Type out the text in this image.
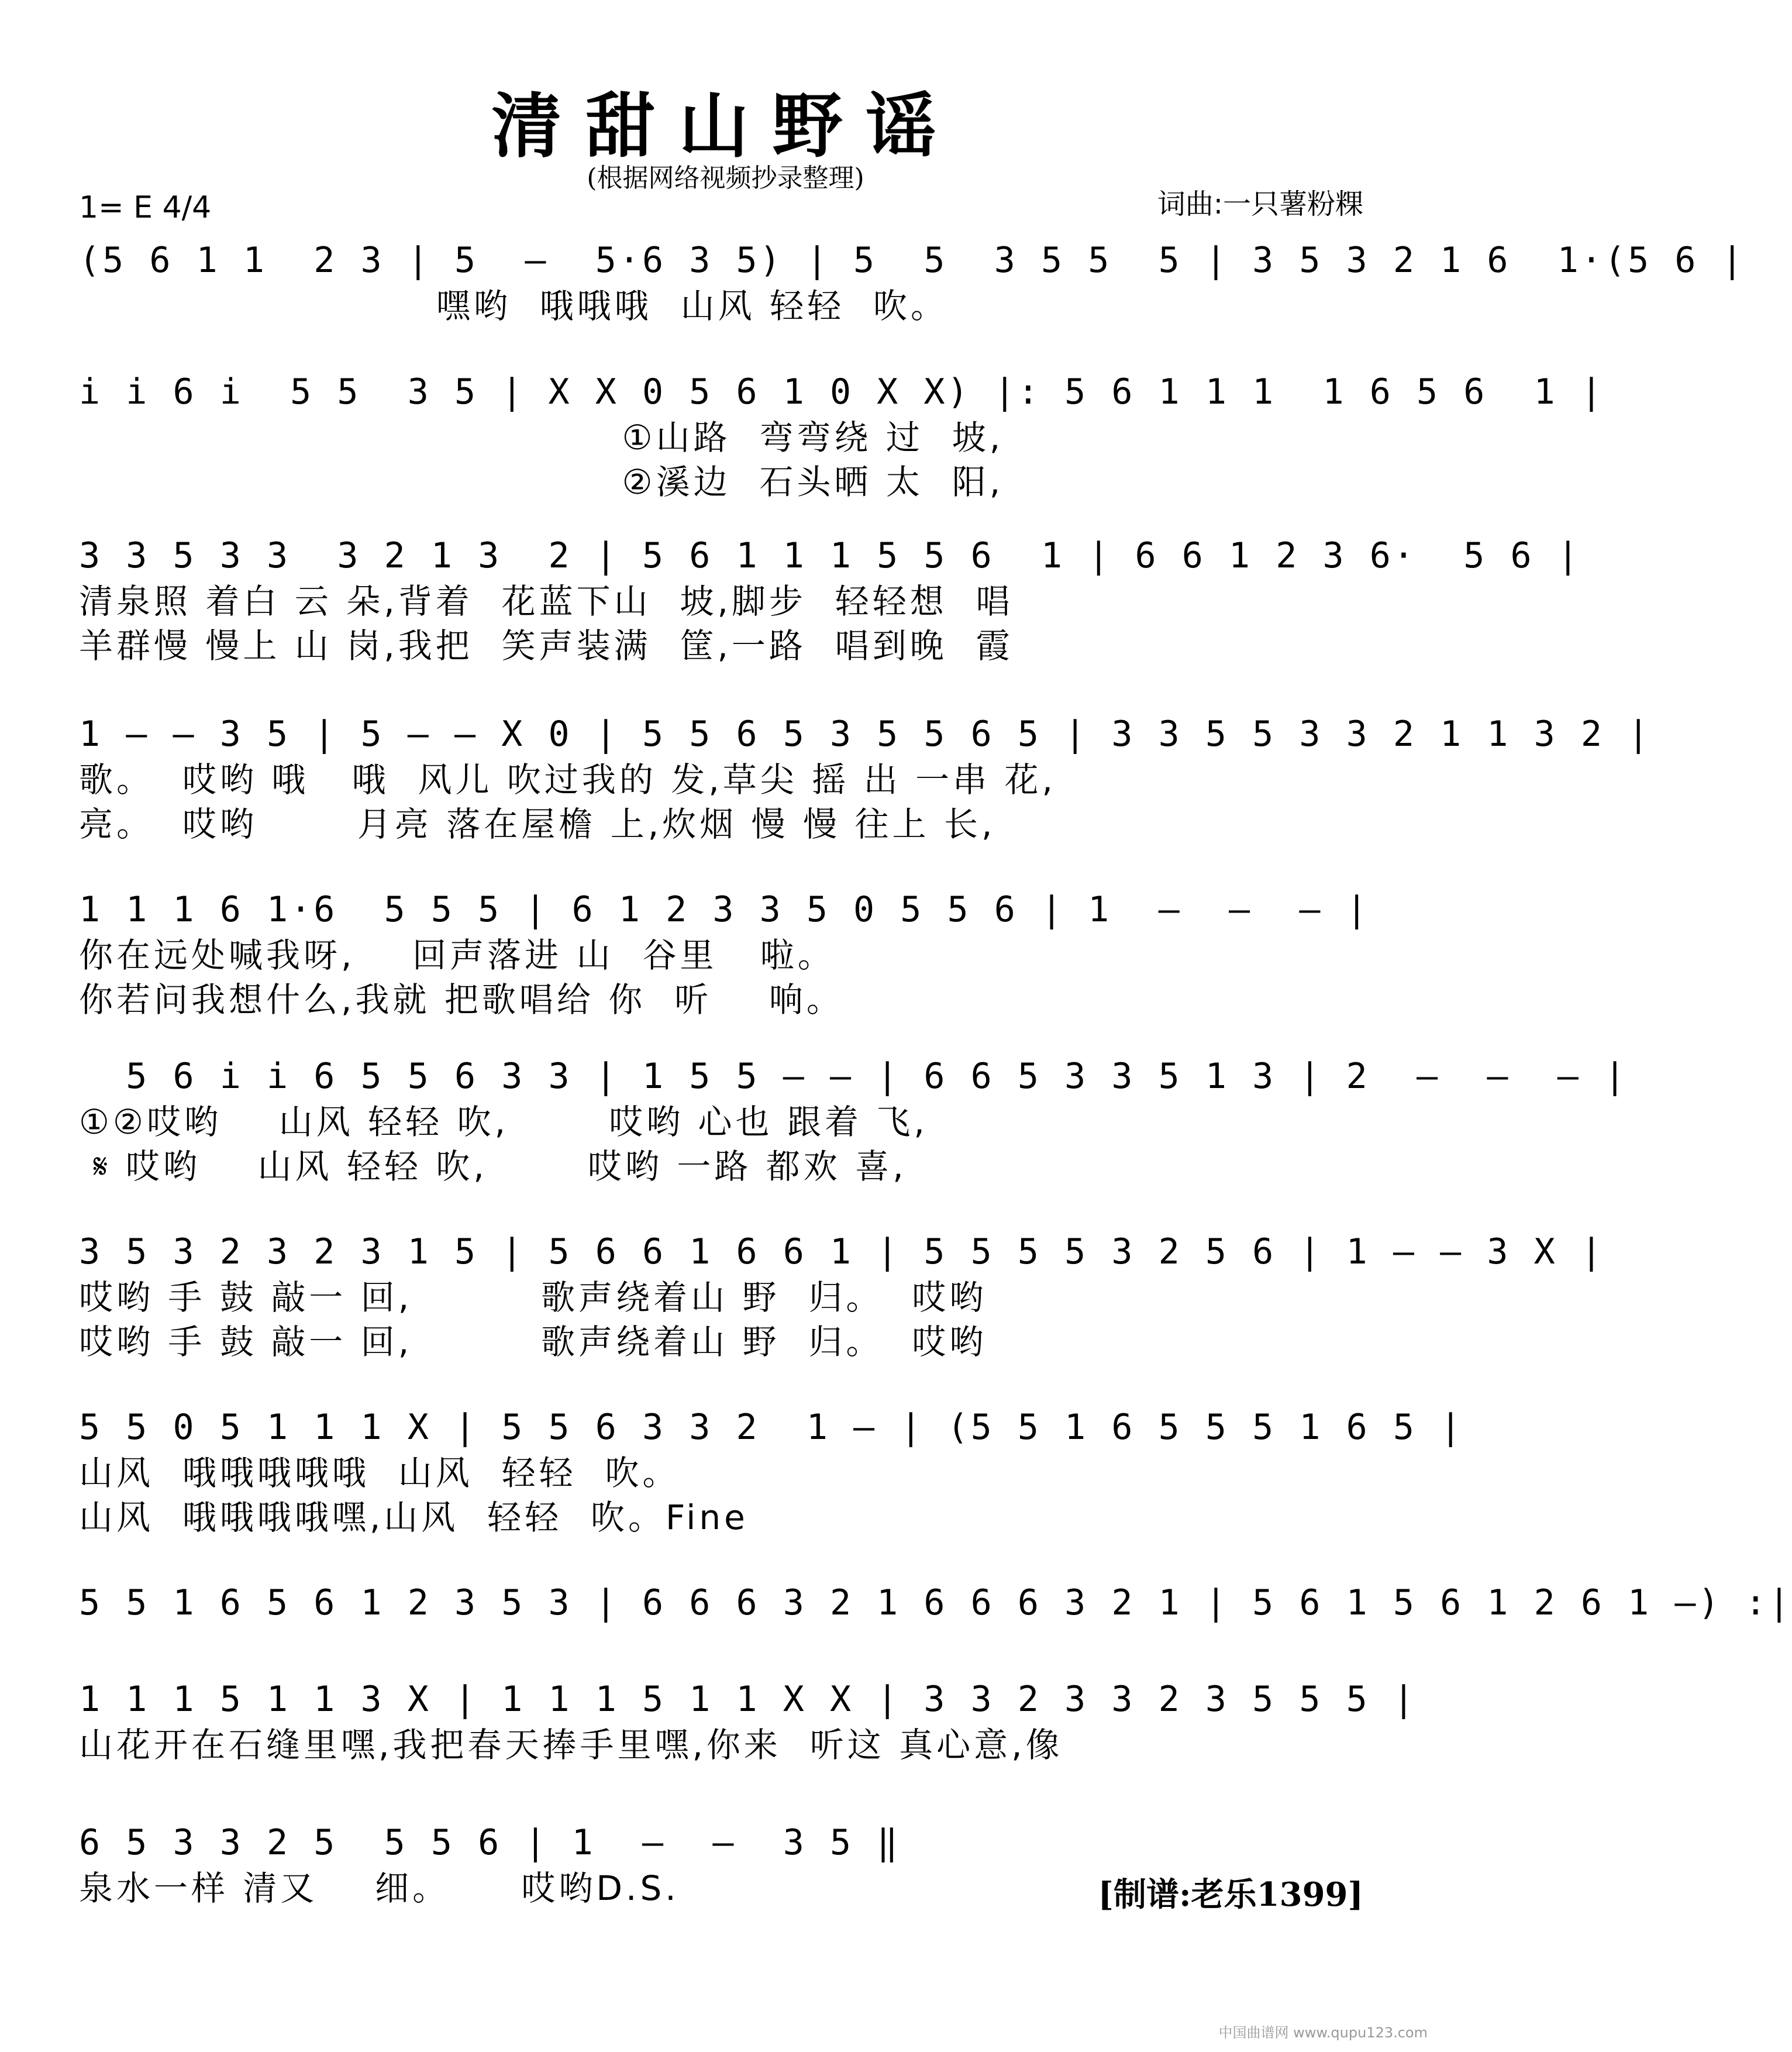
清甜山野谣
(根据网络视频抄录整理)
1= E 4/4	词曲:一只薯粉粿
(5 6 1 1  2 3 | 5  —  5·6 3 5) | 5  5  3 5 5  5 | 3 5 3 2 1 6  1·(5 6 |
嘿哟  哦哦哦  山风 轻轻  吹。
i i 6 i  5 5  3 5 | X X 0 5 6 1 0 X X) |: 5 6 1 1 1  1 6 5 6  1 |
①山路  弯弯绕 过  坡,
②溪边  石头晒 太  阳,
3 3 5 3 3  3 2 1 3  2 | 5 6 1 1 1 5 5 6  1 | 6 6 1 2 3 6·  5 6 |
清泉照 着白 云 朵,背着  花蓝下山  坡,脚步  轻轻想  唱
羊群慢 慢上 山 岗,我把  笑声装满  筐,一路  唱到晚  霞
1 — — 3 5 | 5 — — X 0 | 5 5 6 5 3 5 5 6 5 | 3 3 5 5 3 3 2 1 1 3 2 |
歌。  哎哟 哦   哦  风儿 吹过我的 发,草尖 摇 出 一串 花,
亮。  哎哟       月亮 落在屋檐 上,炊烟 慢 慢 往上 长,
1 1 1 6 1·6  5 5 5 | 6 1 2 3 3 5 0 5 5 6 | 1  —  —  — |
你在远处喊我呀,    回声落进 山  谷里   啦。
你若问我想什么,我就 把歌唱给 你  听    响。
5 6 i i 6 5 5 6 3 3 | 1 5 5 — — | 6 6 5 3 3 5 1 3 | 2  —  —  — |
①②哎哟    山风 轻轻 吹,       哎哟 心也 跟着 飞,
𝄋 哎哟    山风 轻轻 吹,       哎哟 一路 都欢 喜,
3 5 3 2 3 2 3 1 5 | 5 6 6 1 6 6 1 | 5 5 5 5 3 2 5 6 | 1 — — 3 X |
哎哟 手 鼓 敲一 回,         歌声绕着山 野  归。  哎哟
哎哟 手 鼓 敲一 回,         歌声绕着山 野  归。  哎哟
5 5 0 5 1 1 1 X | 5 5 6 3 3 2  1 — | (5 5 1 6 5 5 5 1 6 5 |
山风  哦哦哦哦哦  山风  轻轻  吹。
山风  哦哦哦哦嘿,山风  轻轻  吹。Fine
5 5 1 6 5 6 1 2 3 5 3 | 6 6 6 3 2 1 6 6 6 3 2 1 | 5 6 1 5 6 1 2 6 1 —) :|
1 1 1 5 1 1 3 X | 1 1 1 5 1 1 X X | 3 3 2 3 3 2 3 5 5 5 |
山花开在石缝里嘿,我把春天捧手里嘿,你来  听这 真心意,像
6 5 3 3 2 5  5 5 6 | 1  —  —  3 5 ‖
泉水一样 清又    细。     哎哟D.S.	[制谱:老乐1399]
中国曲谱网 www.qupu123.com
